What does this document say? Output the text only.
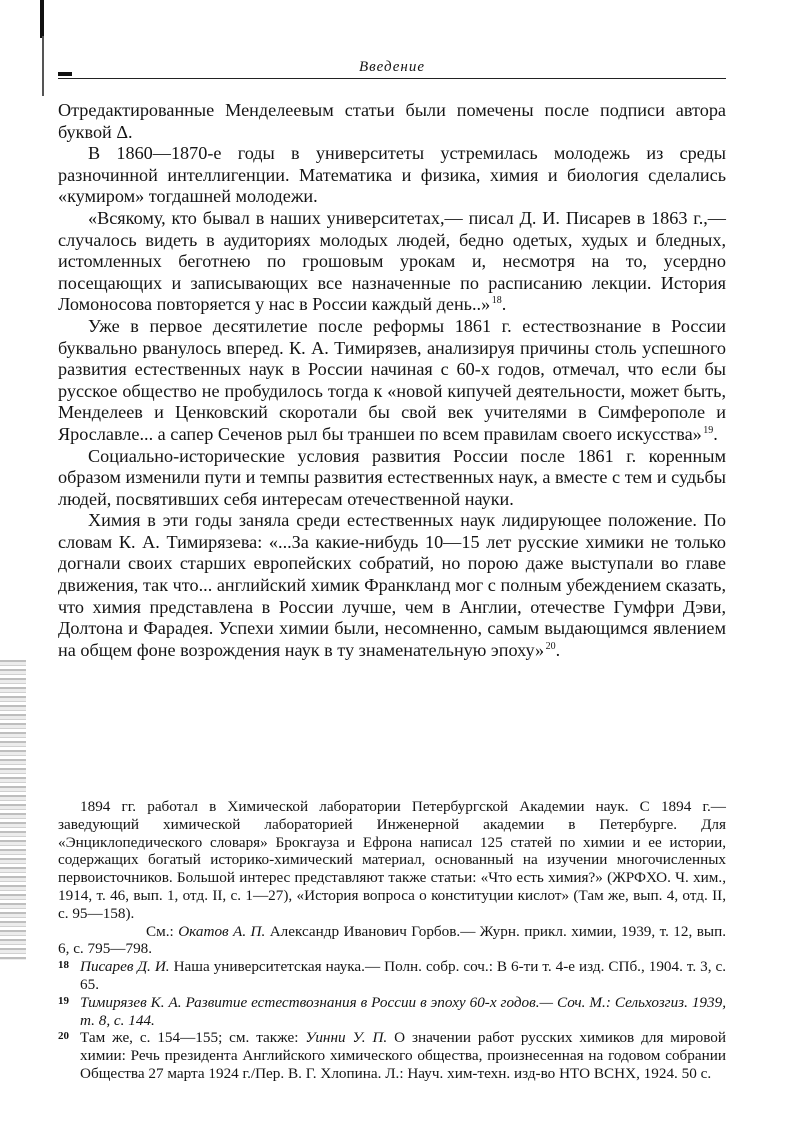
Введение

Отредактированные Менделеевым статьи были помечены после подписи автора буквой Δ.

В 1860—1870-е годы в университеты устремилась молодежь из среды разночинной интеллигенции. Математика и физика, химия и биология сделались «кумиром» тогдашней молодежи.

«Всякому, кто бывал в наших университетах,— писал Д. И. Писарев в 1863 г.,— случалось видеть в аудиториях молодых людей, бедно одетых, худых и бледных, истомленных беготнею по грошовым урокам и, несмотря на то, усердно посещающих и записывающих все назначенные по расписанию лекции. История Ломоносова повторяется у нас в России каждый день..»  $^{18}$.

Уже в первое десятилетие после реформы 1861 г. естествознание в России буквально рванулось вперед. К. А. Тимирязев, анализируя причины столь успешного развития естественных наук в России начиная с 60-х годов, отмечал, что если бы русское общество не пробудилось тогда к «новой кипучей деятельности, может быть, Менделеев и Ценковский скоротали бы свой век учителями в Симферополе и Ярославле... а сапер Сеченов рыл бы траншеи по всем правилам своего искусства»  $^{19}$.

Социально-исторические условия развития России после 1861 г. коренным образом изменили пути и темпы развития естественных наук, а вместе с тем и судьбы людей, посвятивших себя интересам отечественной науки.

Химия в эти годы заняла среди естественных наук лидирующее положение. По словам К. А. Тимирязева: «...За какие-нибудь 10—15 лет русские химики не только догнали своих старших европейских собратий, но порою даже выступали во главе движения, так что... английский химик Франкланд мог с полным убеждением сказать, что химия представлена в России лучше, чем в Англии, отечестве Гумфри Дэви, Долтона и Фарадея. Успехи химии были, несомненно, самым выдающимся явлением на общем фоне возрождения наук в ту знаменательную эпоху»  $^{20}$.

1894 гг. работал в Химической лаборатории Петербургской Академии наук. С 1894 г.— заведующий химической лабораторией Инженерной академии в Петербурге. Для «Энциклопедического словаря» Брокгауза и Ефрона написал 125 статей по химии и ее истории, содержащих богатый историко-химический материал, основанный на изучении многочисленных первоисточников. Большой интерес представляют также статьи: «Что есть химия?» (ЖРФХО. Ч. хим., 1914, т. 46, вып. 1, отд. II, с. 1—27), «История вопроса о конституции кислот» (Там же, вып. 4, отд. II, с. 95—158).

См.: Окатов А. П. Александр Иванович Горбов.— Журн. прикл. химии, 1939, т. 12, вып. 6, с. 795—798.

18 Писарев Д. И. Наша университетская наука.— Полн. собр. соч.: В 6-ти т. 4-е изд. СПб., 1904. т. 3, с. 65.
19 Тимирязев К. А. Развитие естествознания в России в эпоху 60-х годов.— Соч. М.: Сельхозгиз. 1939, т. 8, с. 144.
20 Там же, с. 154—155; см. также: Уинни У. П. О значении работ русских химиков для мировой химии: Речь президента Английского химического общества, произнесенная на годовом собрании Общества 27 марта 1924 г./Пер. В. Г. Хлопина. Л.: Науч. хим-техн. изд-во НТО ВСНХ, 1924. 50 с.
